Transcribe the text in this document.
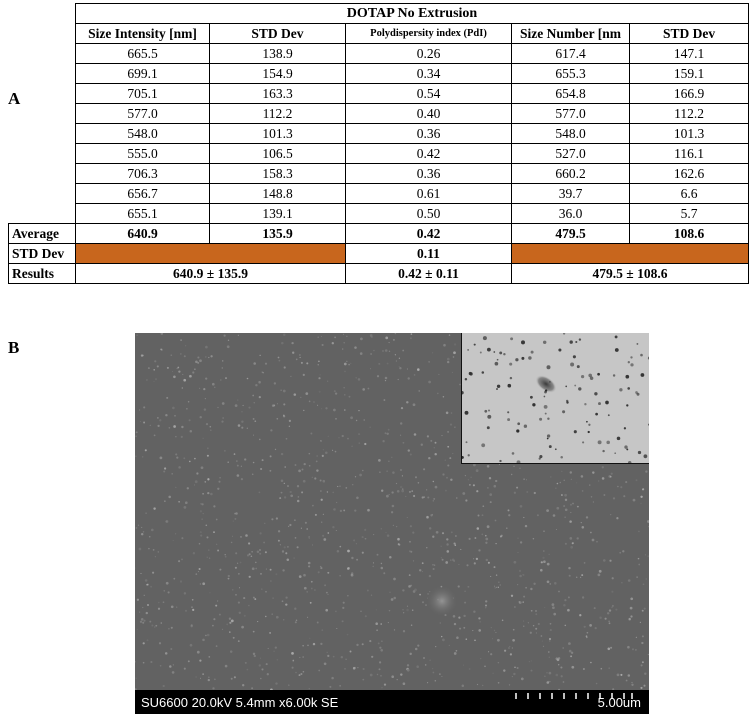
A
	DOTAP No Extrusion				
	Size Intensity [nm]	STD Dev	Polydispersity index (PdI)	Size Number [nm	STD Dev
	665.5	138.9	0.26	617.4	147.1
	699.1	154.9	0.34	655.3	159.1
	705.1	163.3	0.54	654.8	166.9
	577.0	112.2	0.40	577.0	112.2
	548.0	101.3	0.36	548.0	101.3
	555.0	106.5	0.42	527.0	116.1
	706.3	158.3	0.36	660.2	162.6
	656.7	148.8	0.61	39.7	6.6
	655.1	139.1	0.50	36.0	5.7
Average	640.9	135.9	0.42	479.5	108.6
STD Dev			0.11		
Results	640.9 ± 135.9		0.42 ± 0.11	479.5 ± 108.6	
B
SU6600 20.0kV 5.4mm x6.00k SE	5.00um
